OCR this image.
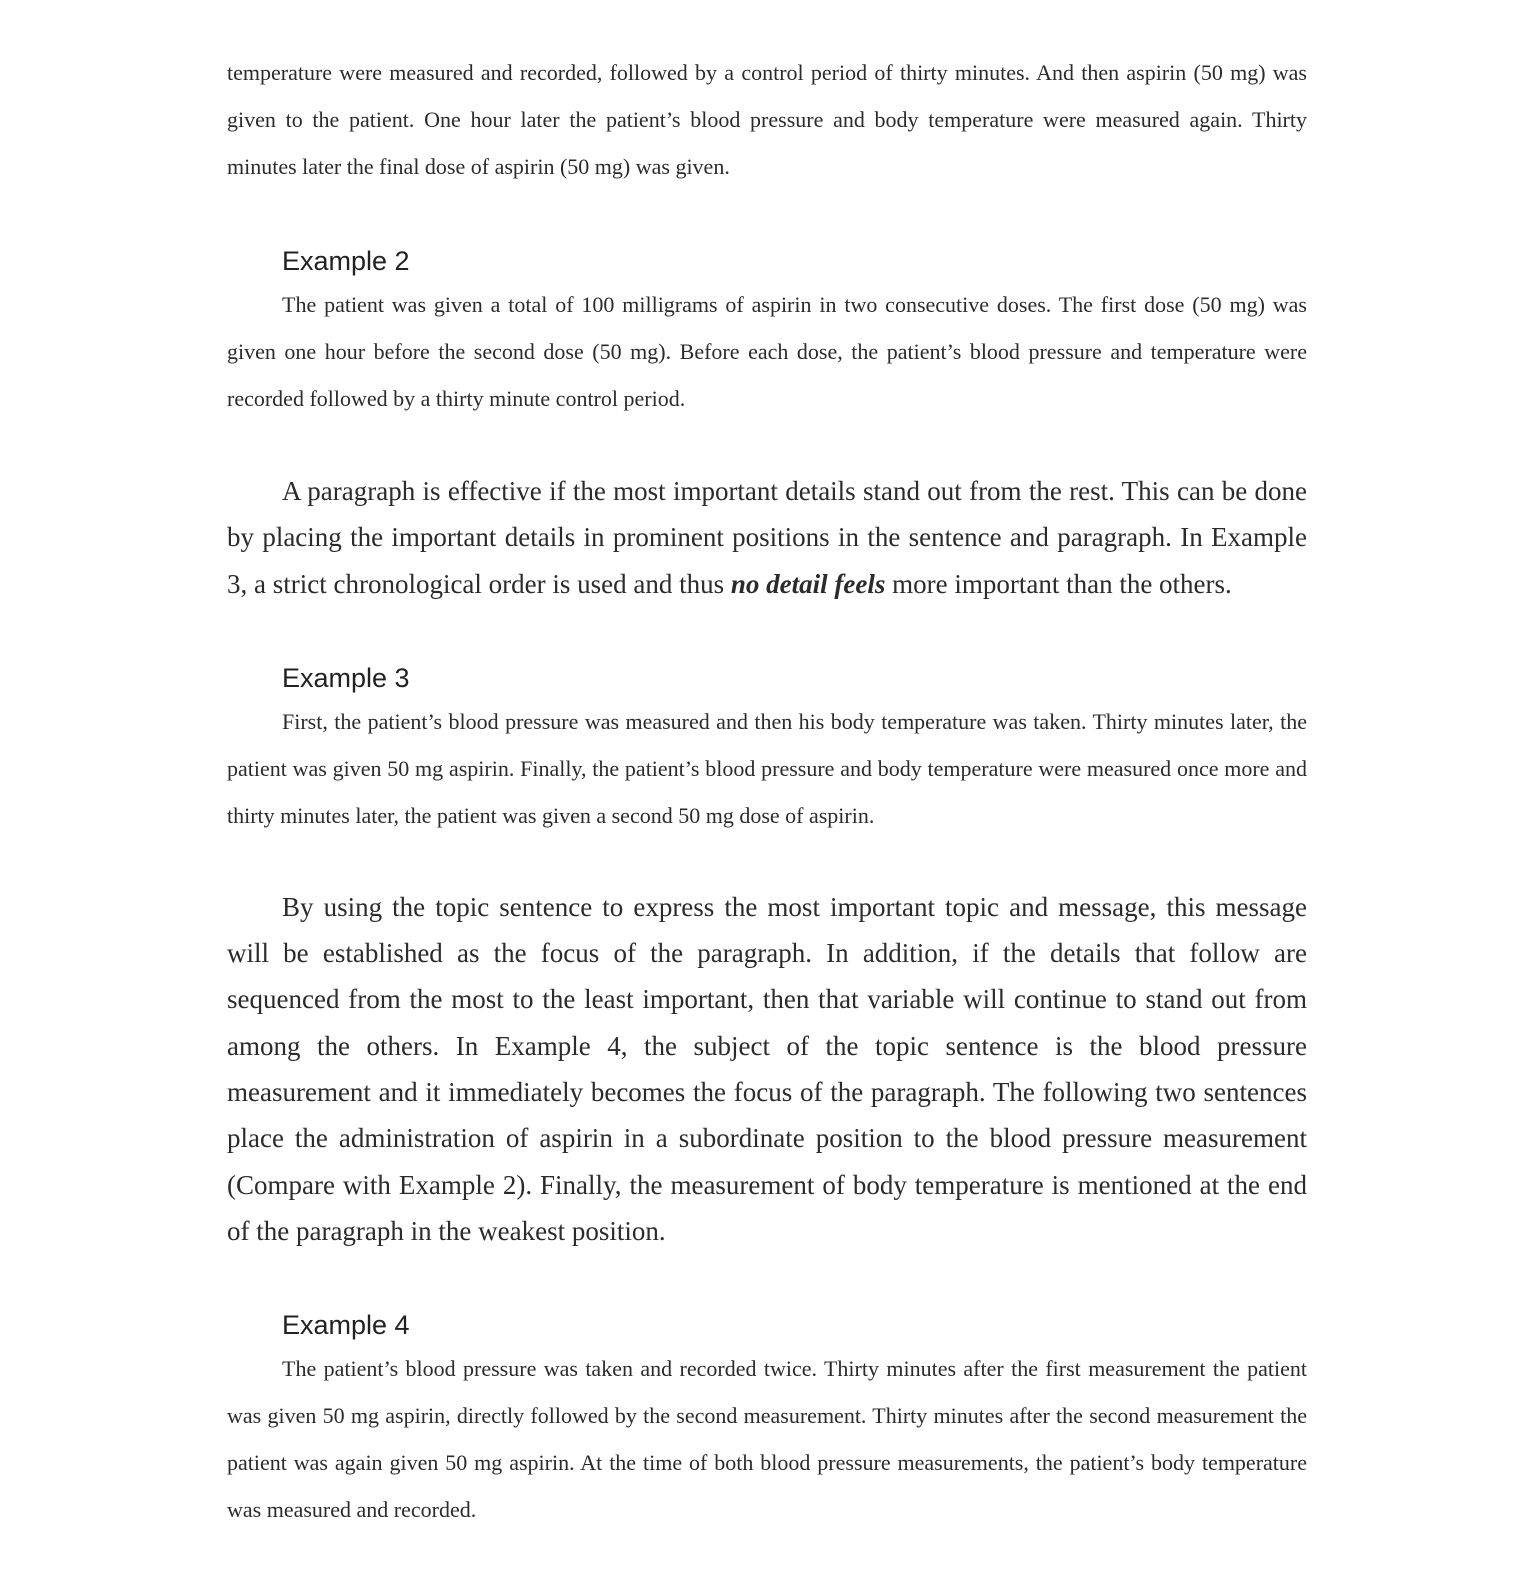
temperature were measured and recorded, followed by a control period of thirty minutes. And then aspirin (50 mg) was given to the patient. One hour later the patient’s blood pressure and body temperature were measured again. Thirty minutes later the final dose of aspirin (50 mg) was given.

Example 2

The patient was given a total of 100 milligrams of aspirin in two consecutive doses. The first dose (50 mg) was given one hour before the second dose (50 mg). Before each dose, the patient’s blood pressure and temperature were recorded followed by a thirty minute control period.

A paragraph is effective if the most important details stand out from the rest. This can be done by placing the important details in prominent positions in the sentence and paragraph. In Example 3, a strict chronological order is used and thus no detail feels more important than the others.

Example 3

First, the patient’s blood pressure was measured and then his body temperature was taken. Thirty minutes later, the patient was given 50 mg aspirin. Finally, the patient’s blood pressure and body temperature were measured once more and thirty minutes later, the patient was given a second 50 mg dose of aspirin.

By using the topic sentence to express the most important topic and message, this message will be established as the focus of the paragraph. In addition, if the details that follow are sequenced from the most to the least important, then that variable will continue to stand out from among the others. In Example 4, the subject of the topic sentence is the blood pressure measurement and it immediately becomes the focus of the paragraph. The following two sentences place the administration of aspirin in a subordinate position to the blood pressure measurement (Compare with Example 2). Finally, the measurement of body temperature is mentioned at the end of the paragraph in the weakest position.

Example 4

The patient’s blood pressure was taken and recorded twice. Thirty minutes after the first measurement the patient was given 50 mg aspirin, directly followed by the second measurement. Thirty minutes after the second measurement the patient was again given 50 mg aspirin. At the time of both blood pressure measurements, the patient’s body temperature was measured and recorded.
